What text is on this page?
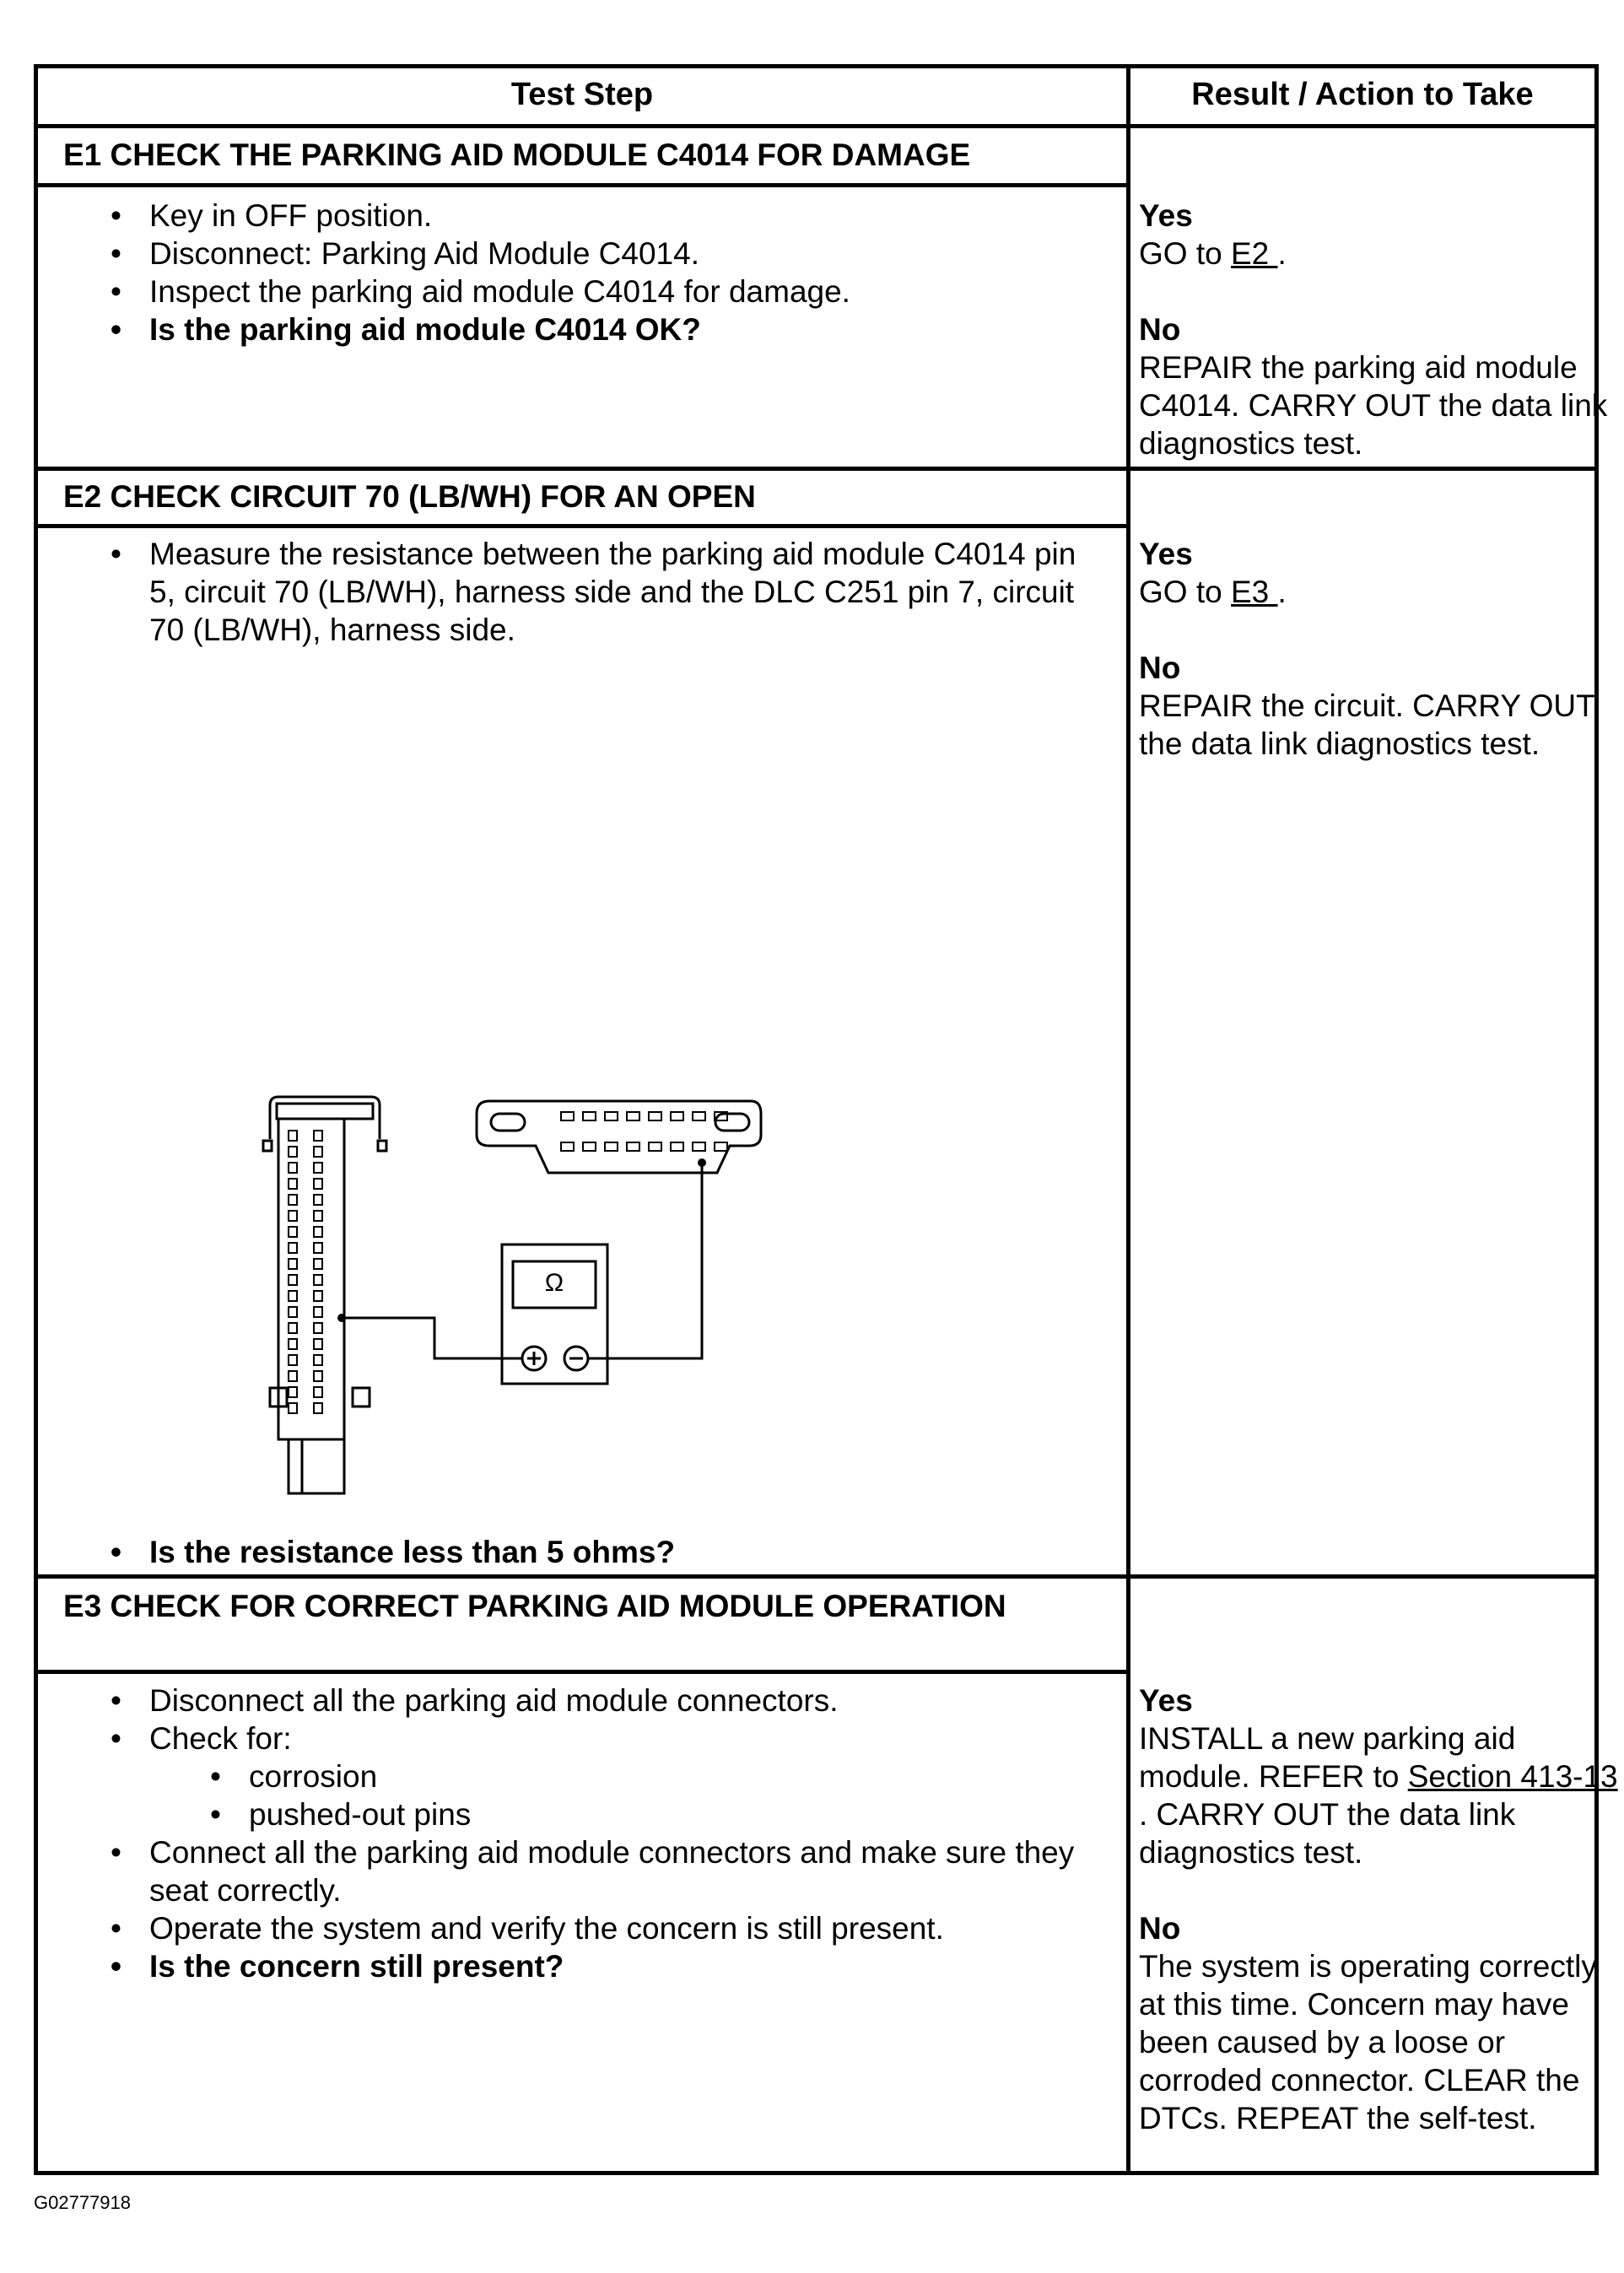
Test Step	Result / Action to Take
E1 CHECK THE PARKING AID MODULE C4014 FOR DAMAGE
• Key in OFF position.
• Disconnect: Parking Aid Module C4014.
• Inspect the parking aid module C4014 for damage.
• Is the parking aid module C4014 OK?
Yes
GO to E2 .
No
REPAIR the parking aid module C4014. CARRY OUT the data link diagnostics test.
E2 CHECK CIRCUIT 70 (LB/WH) FOR AN OPEN
• Measure the resistance between the parking aid module C4014 pin 5, circuit 70 (LB/WH), harness side and the DLC C251 pin 7, circuit 70 (LB/WH), harness side.
• Is the resistance less than 5 ohms?
Yes
GO to E3 .
No
REPAIR the circuit. CARRY OUT the data link diagnostics test.
E3 CHECK FOR CORRECT PARKING AID MODULE OPERATION
• Disconnect all the parking aid module connectors.
• Check for:
• corrosion
• pushed-out pins
• Connect all the parking aid module connectors and make sure they seat correctly.
• Operate the system and verify the concern is still present.
• Is the concern still present?
Yes
INSTALL a new parking aid module. REFER to Section 413-13 . CARRY OUT the data link diagnostics test.
No
The system is operating correctly at this time. Concern may have been caused by a loose or corroded connector. CLEAR the DTCs. REPEAT the self-test.
Ω
G02777918
